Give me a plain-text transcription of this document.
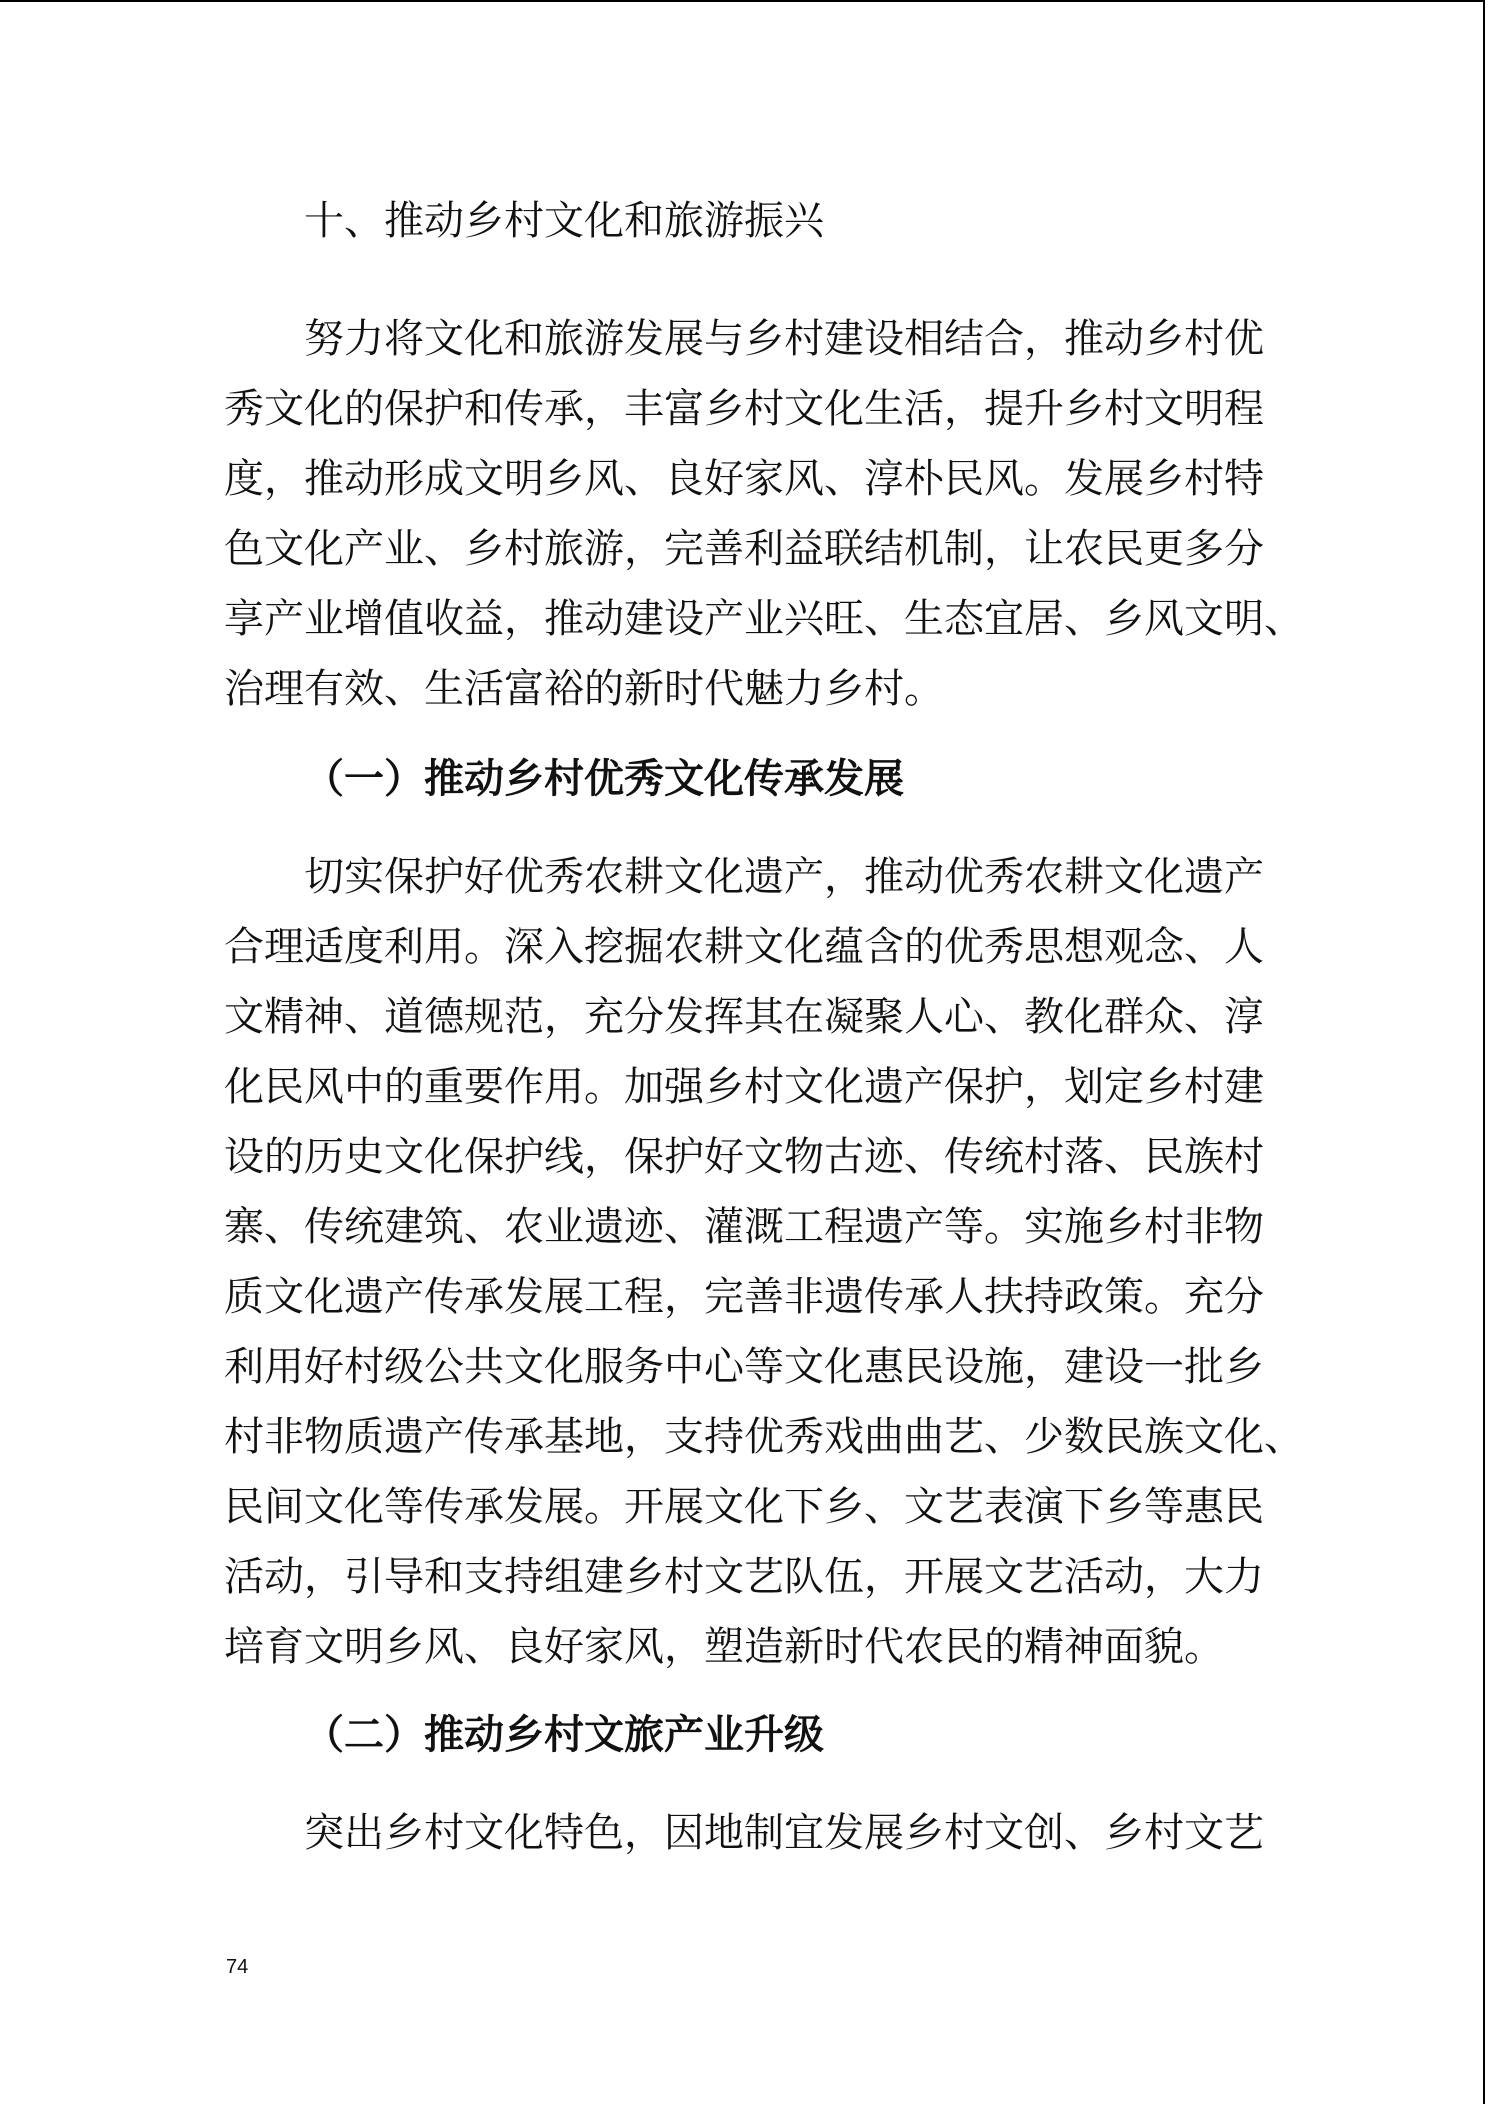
十、推动乡村文化和旅游振兴
努力将文化和旅游发展与乡村建设相结合，推动乡村优
秀文化的保护和传承，丰富乡村文化生活，提升乡村文明程
度，推动形成文明乡风、良好家风、淳朴民风。发展乡村特
色文化产业、乡村旅游，完善利益联结机制，让农民更多分
享产业增值收益，推动建设产业兴旺、生态宜居、乡风文明、
治理有效、生活富裕的新时代魅力乡村。
（一）推动乡村优秀文化传承发展
切实保护好优秀农耕文化遗产，推动优秀农耕文化遗产
合理适度利用。深入挖掘农耕文化蕴含的优秀思想观念、人
文精神、道德规范，充分发挥其在凝聚人心、教化群众、淳
化民风中的重要作用。加强乡村文化遗产保护，划定乡村建
设的历史文化保护线，保护好文物古迹、传统村落、民族村
寨、传统建筑、农业遗迹、灌溉工程遗产等。实施乡村非物
质文化遗产传承发展工程，完善非遗传承人扶持政策。充分
利用好村级公共文化服务中心等文化惠民设施，建设一批乡
村非物质遗产传承基地，支持优秀戏曲曲艺、少数民族文化、
民间文化等传承发展。开展文化下乡、文艺表演下乡等惠民
活动，引导和支持组建乡村文艺队伍，开展文艺活动，大力
培育文明乡风、良好家风，塑造新时代农民的精神面貌。
（二）推动乡村文旅产业升级
突出乡村文化特色，因地制宜发展乡村文创、乡村文艺
74
